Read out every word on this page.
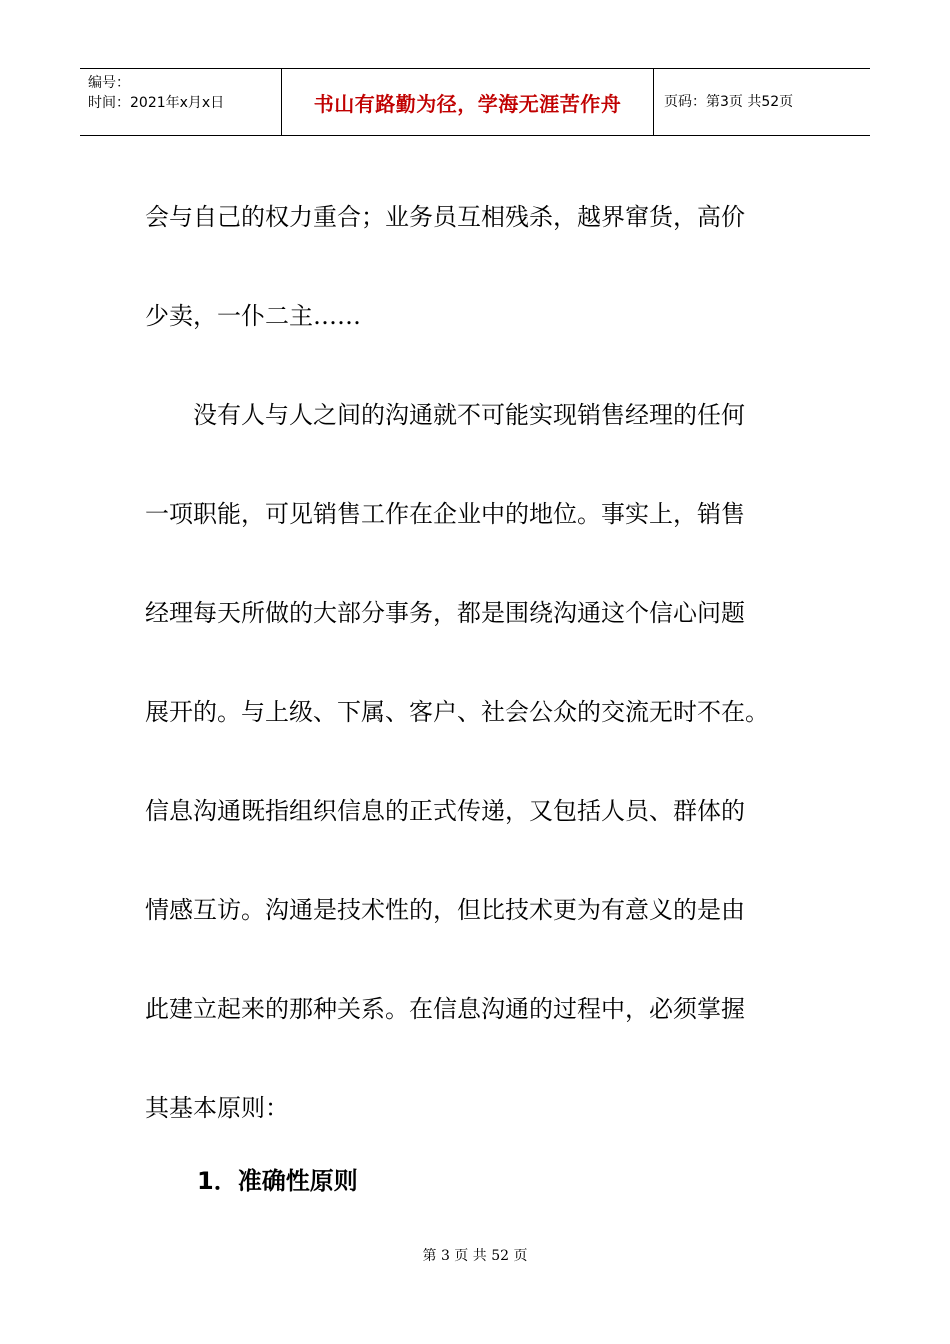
编号：
时间：2021年x月x日	书山有路勤为径，学海无涯苦作舟	页码：第3页 共52页

会与自己的权力重合；业务员互相残杀，越界窜货，高价

少卖，一仆二主……

　　没有人与人之间的沟通就不可能实现销售经理的任何

一项职能，可见销售工作在企业中的地位。事实上，销售

经理每天所做的大部分事务，都是围绕沟通这个信心问题

展开的。与上级、下属、客户、社会公众的交流无时不在。

信息沟通既指组织信息的正式传递，又包括人员、群体的

情感互访。沟通是技术性的，但比技术更为有意义的是由

此建立起来的那种关系。在信息沟通的过程中，必须掌握

其基本原则：

1．准确性原则
第 3 页 共 52 页
